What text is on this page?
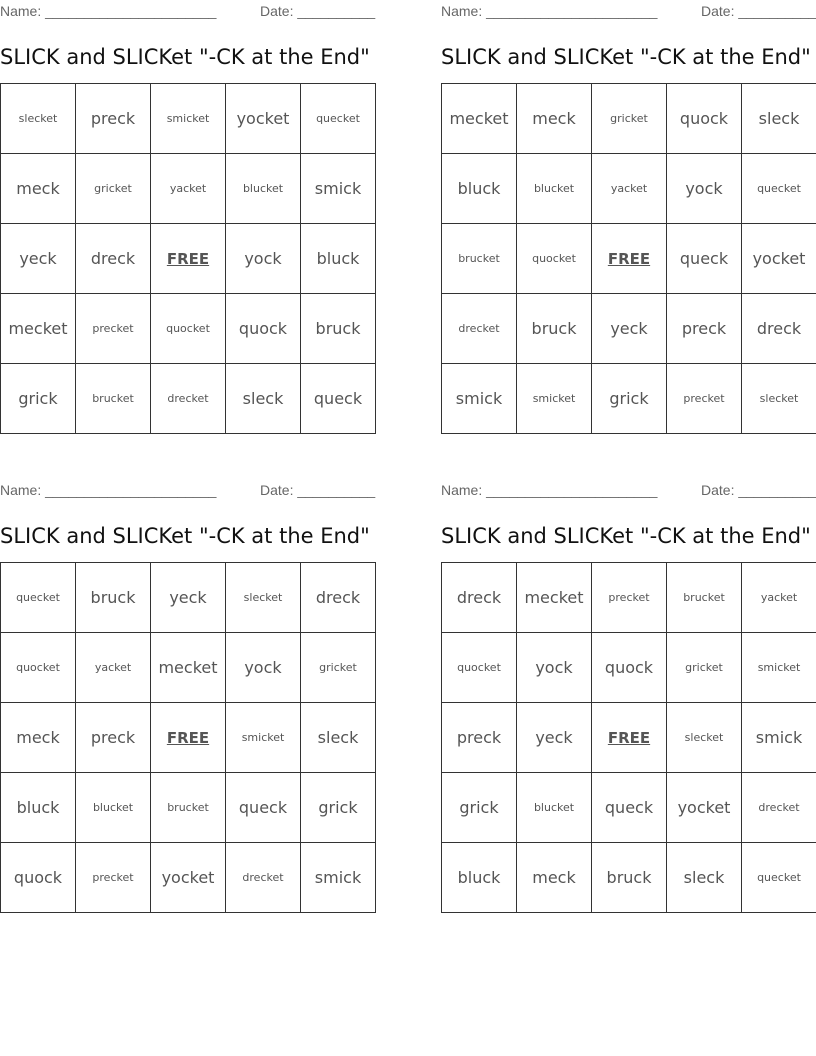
Name: ______________________	Date: __________
SLICK and SLICKet "-CK at the End"
slecket	preck	smicket	yocket	quecket
meck	gricket	yacket	blucket	smick
yeck	dreck	FREE	yock	bluck
mecket	precket	quocket	quock	bruck
grick	brucket	drecket	sleck	queck
Name: ______________________	Date: __________
SLICK and SLICKet "-CK at the End"
mecket	meck	gricket	quock	sleck
bluck	blucket	yacket	yock	quecket
brucket	quocket	FREE	queck	yocket
drecket	bruck	yeck	preck	dreck
smick	smicket	grick	precket	slecket
Name: ______________________	Date: __________
SLICK and SLICKet "-CK at the End"
quecket	bruck	yeck	slecket	dreck
quocket	yacket	mecket	yock	gricket
meck	preck	FREE	smicket	sleck
bluck	blucket	brucket	queck	grick
quock	precket	yocket	drecket	smick
Name: ______________________	Date: __________
SLICK and SLICKet "-CK at the End"
dreck	mecket	precket	brucket	yacket
quocket	yock	quock	gricket	smicket
preck	yeck	FREE	slecket	smick
grick	blucket	queck	yocket	drecket
bluck	meck	bruck	sleck	quecket
